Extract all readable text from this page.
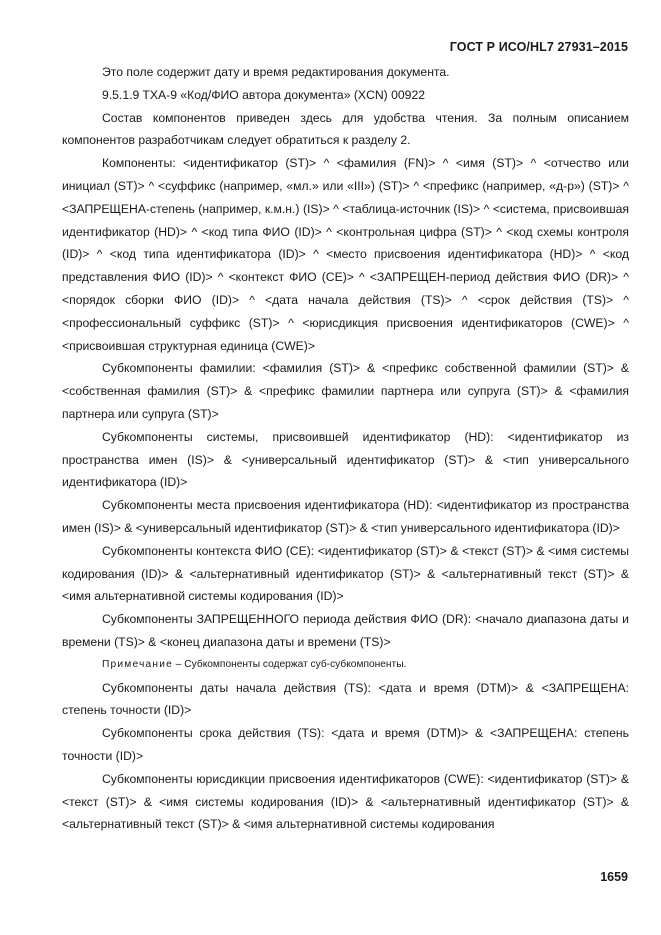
ГОСТ Р ИСО/HL7 27931–2015

Это поле содержит дату и время редактирования документа.

9.5.1.9 TXA-9 «Код/ФИО автора документа» (XCN) 00922

Состав компонентов приведен здесь для удобства чтения. За полным описанием компонентов разработчикам следует обратиться к разделу 2.

Компоненты: <идентификатор (ST)> ^ <фамилия (FN)> ^ <имя (ST)> ^ <отчество или инициал (ST)> ^ <суффикс (например, «мл.» или «III») (ST)> ^ <префикс (например, «д-р») (ST)> ^ <ЗАПРЕЩЕНА-степень (например, к.м.н.) (IS)> ^ <таблица-источник (IS)> ^ <система, присвоившая идентификатор (HD)> ^ <код типа ФИО (ID)> ^ <контрольная цифра (ST)> ^ <код схемы контроля (ID)> ^ <код типа идентификатора (ID)> ^ <место присвоения идентификатора (HD)> ^ <код представления ФИО (ID)> ^ <контекст ФИО (CE)> ^ <ЗАПРЕЩЕН-период действия ФИО (DR)> ^ <порядок сборки ФИО (ID)> ^ <дата начала действия (TS)> ^ <срок действия (TS)> ^ <профессиональный суффикс (ST)> ^ <юрисдикция присвоения идентификаторов (CWE)> ^ <присвоившая структурная единица (CWE)>

Субкомпоненты фамилии: <фамилия (ST)> & <префикс собственной фамилии (ST)> & <собственная фамилия (ST)> & <префикс фамилии партнера или супруга (ST)> & <фамилия партнера или супруга (ST)>

Субкомпоненты системы, присвоившей идентификатор (HD): <идентификатор из пространства имен (IS)> & <универсальный идентификатор (ST)> & <тип универсального идентификатора (ID)>

Субкомпоненты места присвоения идентификатора (HD): <идентификатор из пространства имен (IS)> & <универсальный идентификатор (ST)> & <тип универсального идентификатора (ID)>

Субкомпоненты контекста ФИО (CE): <идентификатор (ST)> & <текст (ST)> & <имя системы кодирования (ID)> & <альтернативный идентификатор (ST)> & <альтернативный текст (ST)> & <имя альтернативной системы кодирования (ID)>

Субкомпоненты ЗАПРЕЩЕННОГО периода действия ФИО (DR): <начало диапазона даты и времени (TS)> & <конец диапазона даты и времени (TS)>

Примечание – Субкомпоненты содержат суб-субкомпоненты.

Субкомпоненты даты начала действия (TS): <дата и время (DTM)> & <ЗАПРЕЩЕНА: степень точности (ID)>

Субкомпоненты срока действия (TS): <дата и время (DTM)> & <ЗАПРЕЩЕНА: степень точности (ID)>

Субкомпоненты юрисдикции присвоения идентификаторов (CWE): <идентификатор (ST)> & <текст (ST)> & <имя системы кодирования (ID)> & <альтернативный идентификатор (ST)> & <альтернативный текст (ST)> & <имя альтернативной системы кодирования

1659
